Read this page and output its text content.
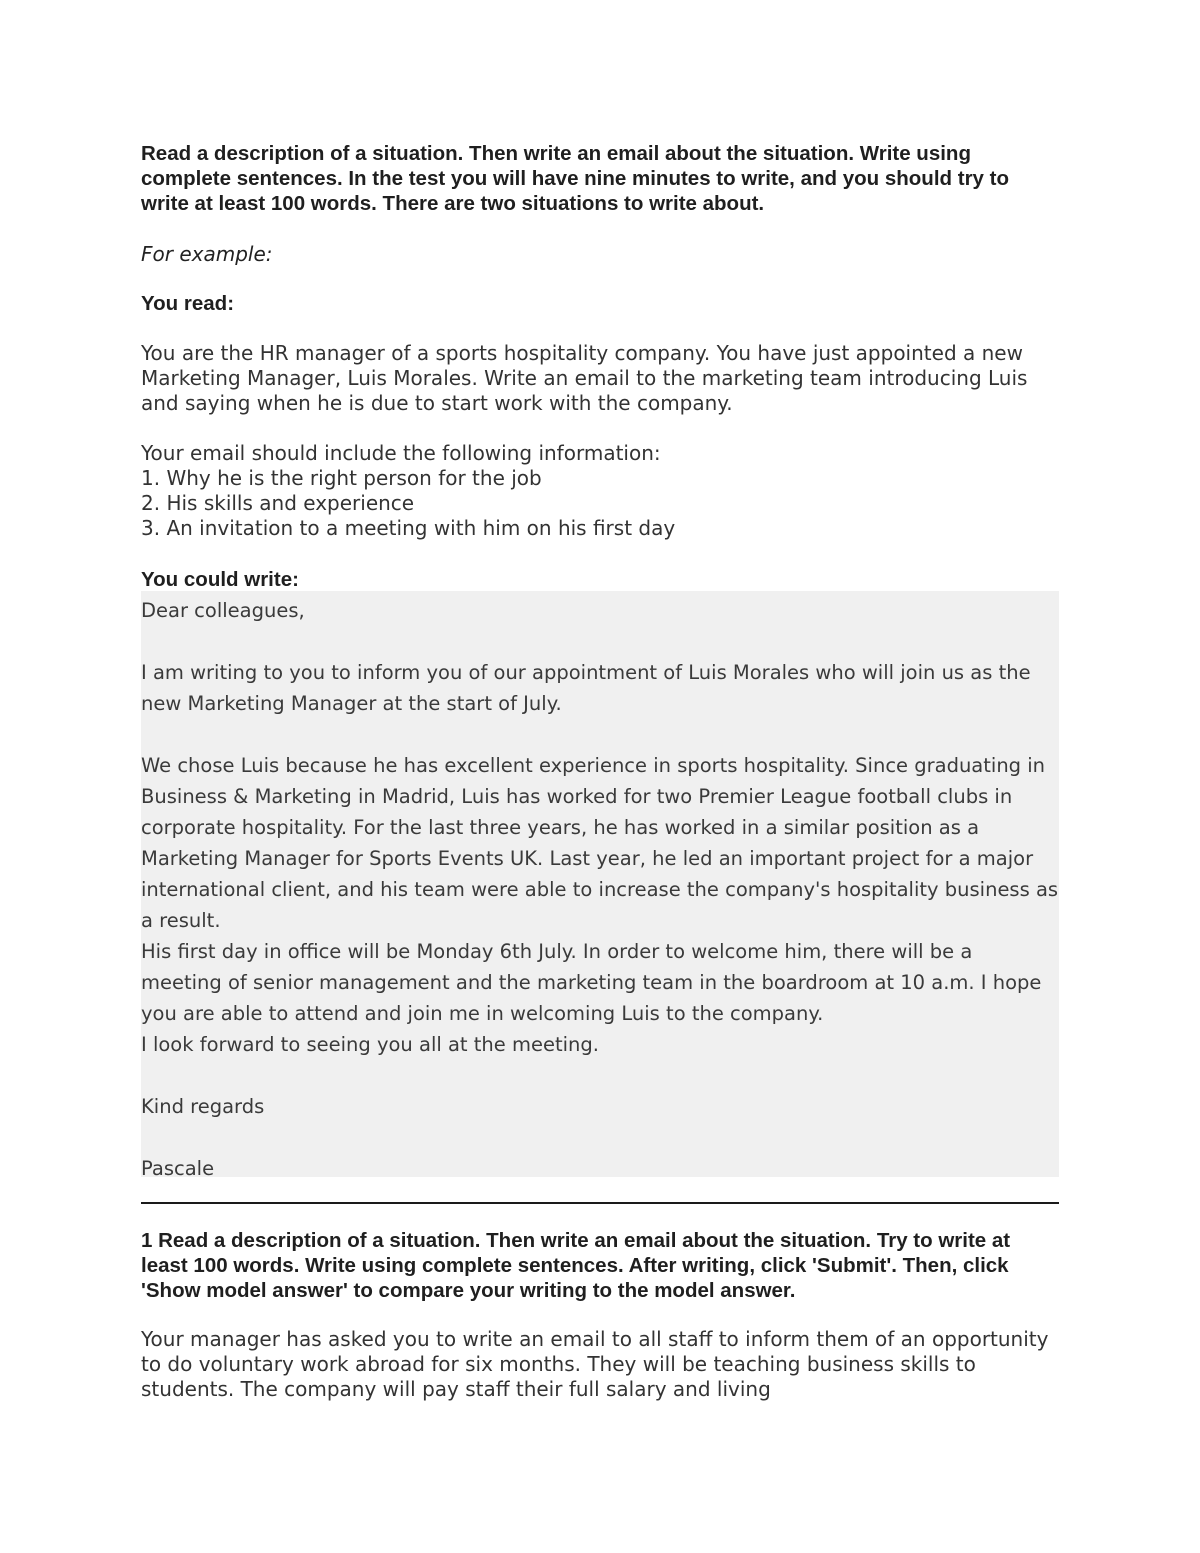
Read a description of a situation. Then write an email about the situation. Write using complete sentences. In the test you will have nine minutes to write, and you should try to write at least 100 words. There are two situations to write about.

For example:
You read:

You are the HR manager of a sports hospitality company. You have just appointed a new Marketing Manager, Luis Morales. Write an email to the marketing team introducing Luis and saying when he is due to start work with the company.

Your email should include the following information:
1. Why he is the right person for the job
2. His skills and experience
3. An invitation to a meeting with him on his first day
You could write:

Dear colleagues,

I am writing to you to inform you of our appointment of Luis Morales who will join us as the new Marketing Manager at the start of July.

We chose Luis because he has excellent experience in sports hospitality. Since graduating in Business & Marketing in Madrid, Luis has worked for two Premier League football clubs in corporate hospitality. For the last three years, he has worked in a similar position as a Marketing Manager for Sports Events UK. Last year, he led an important project for a major international client, and his team were able to increase the company's hospitality business as a result.

His first day in office will be Monday 6th July. In order to welcome him, there will be a meeting of senior management and the marketing team in the boardroom at 10 a.m. I hope you are able to attend and join me in welcoming Luis to the company.

I look forward to seeing you all at the meeting.

Kind regards

Pascale

1 Read a description of a situation. Then write an email about the situation. Try to write at least 100 words. Write using complete sentences. After writing, click 'Submit'. Then, click 'Show model answer' to compare your writing to the model answer.

Your manager has asked you to write an email to all staff to inform them of an opportunity to do voluntary work abroad for six months. They will be teaching business skills to students. The company will pay staff their full salary and living
